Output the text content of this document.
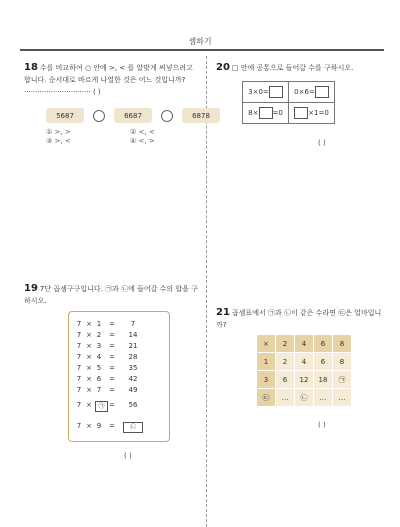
셈하기
18 수를 비교하여 ○ 안에 >, < 를 알맞게 써넣으려고 합니다. 순서대로 바르게 나열한 것은 어느 것입니까? ······························ ( )
5687	6687	6878
① >, >	② <, <
③ >, <	④ <, >
20 □ 안에 공통으로 들어갈 수를 구하시오.
3×0=	0×6=
8× =0	×1=0
( )
19 7단 곱셈구구입니다. ㉠과 ㉡에 들어갈 수의 합을 구하시오.
7 × 1	=	7
7 × 2	=	14
7 × 3	=	21
7 × 4	=	28
7 × 5	=	35
7 × 6	=	42
7 × 7	=	49
7 ×	㉠ =	56
7 × 9	=	㉡
( )
21 곱셈표에서 ㉠과 ㉡이 같은 수라면 ㉢은 얼마입니까?
×	2	4	6	8
1	2	4	6	8
3	6	12	18	㉠
㉢	…	㉡	…	…
( )
